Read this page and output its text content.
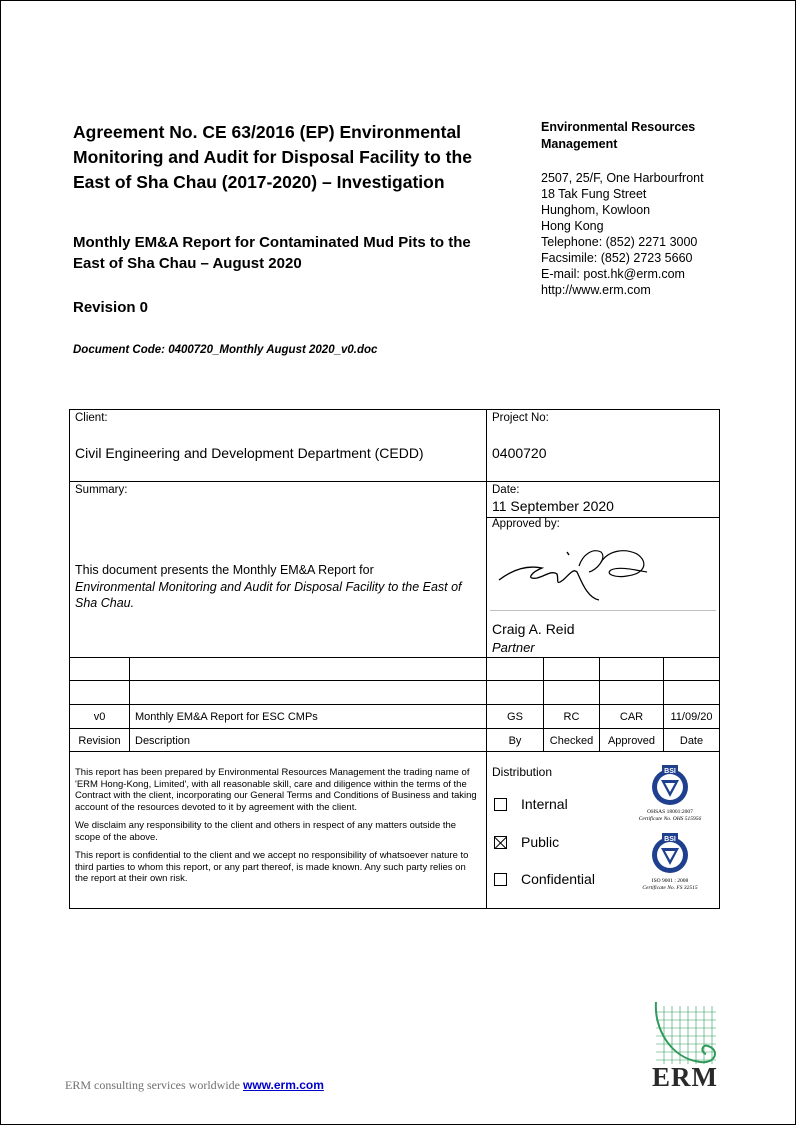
Agreement No. CE 63/2016 (EP) Environmental Monitoring and Audit for Disposal Facility to the East of Sha Chau (2017-2020) – Investigation
Monthly EM&A Report for Contaminated Mud Pits to the East of Sha Chau – August 2020
Revision 0
Document Code: 0400720_Monthly August 2020_v0.doc
Environmental Resources
Management
2507, 25/F, One Harbourfront
18 Tak Fung Street
Hunghom, Kowloon
Hong Kong
Telephone: (852) 2271 3000
Facsimile: (852) 2723 5660
E-mail: post.hk@erm.com
http://www.erm.com
Client:
Civil Engineering and Development Department (CEDD)
Project No:
0400720
Summary:
This document presents the Monthly EM&A Report for
Environmental Monitoring and Audit for Disposal Facility to the East of Sha Chau.
Date:
11 September 2020
Approved by:
Craig A. Reid
Partner
v0	Monthly EM&A Report for ESC CMPs	GS	RC	CAR	11/09/20
Revision	Description	By	Checked	Approved	Date

This report has been prepared by Environmental Resources Management the trading name of 'ERM Hong-Kong, Limited', with all reasonable skill, care and diligence within the terms of the Contract with the client, incorporating our General Terms and Conditions of Business and taking account of the resources devoted to it by agreement with the client.

We disclaim any responsibility to the client and others in respect of any matters outside the scope of the above.

This report is confidential to the client and we accept no responsibility of whatsoever nature to third parties to whom this report, or any part thereof, is made known. Any such party relies on the report at their own risk.

Distribution
Internal
Public
Confidential
BSI
OHSAS 18001:2007
Certificate No. OHS 515956
BSI
ISO 9001 : 2008
Certificate No. FS 32515
ERM consulting services worldwide www.erm.com	ERM
